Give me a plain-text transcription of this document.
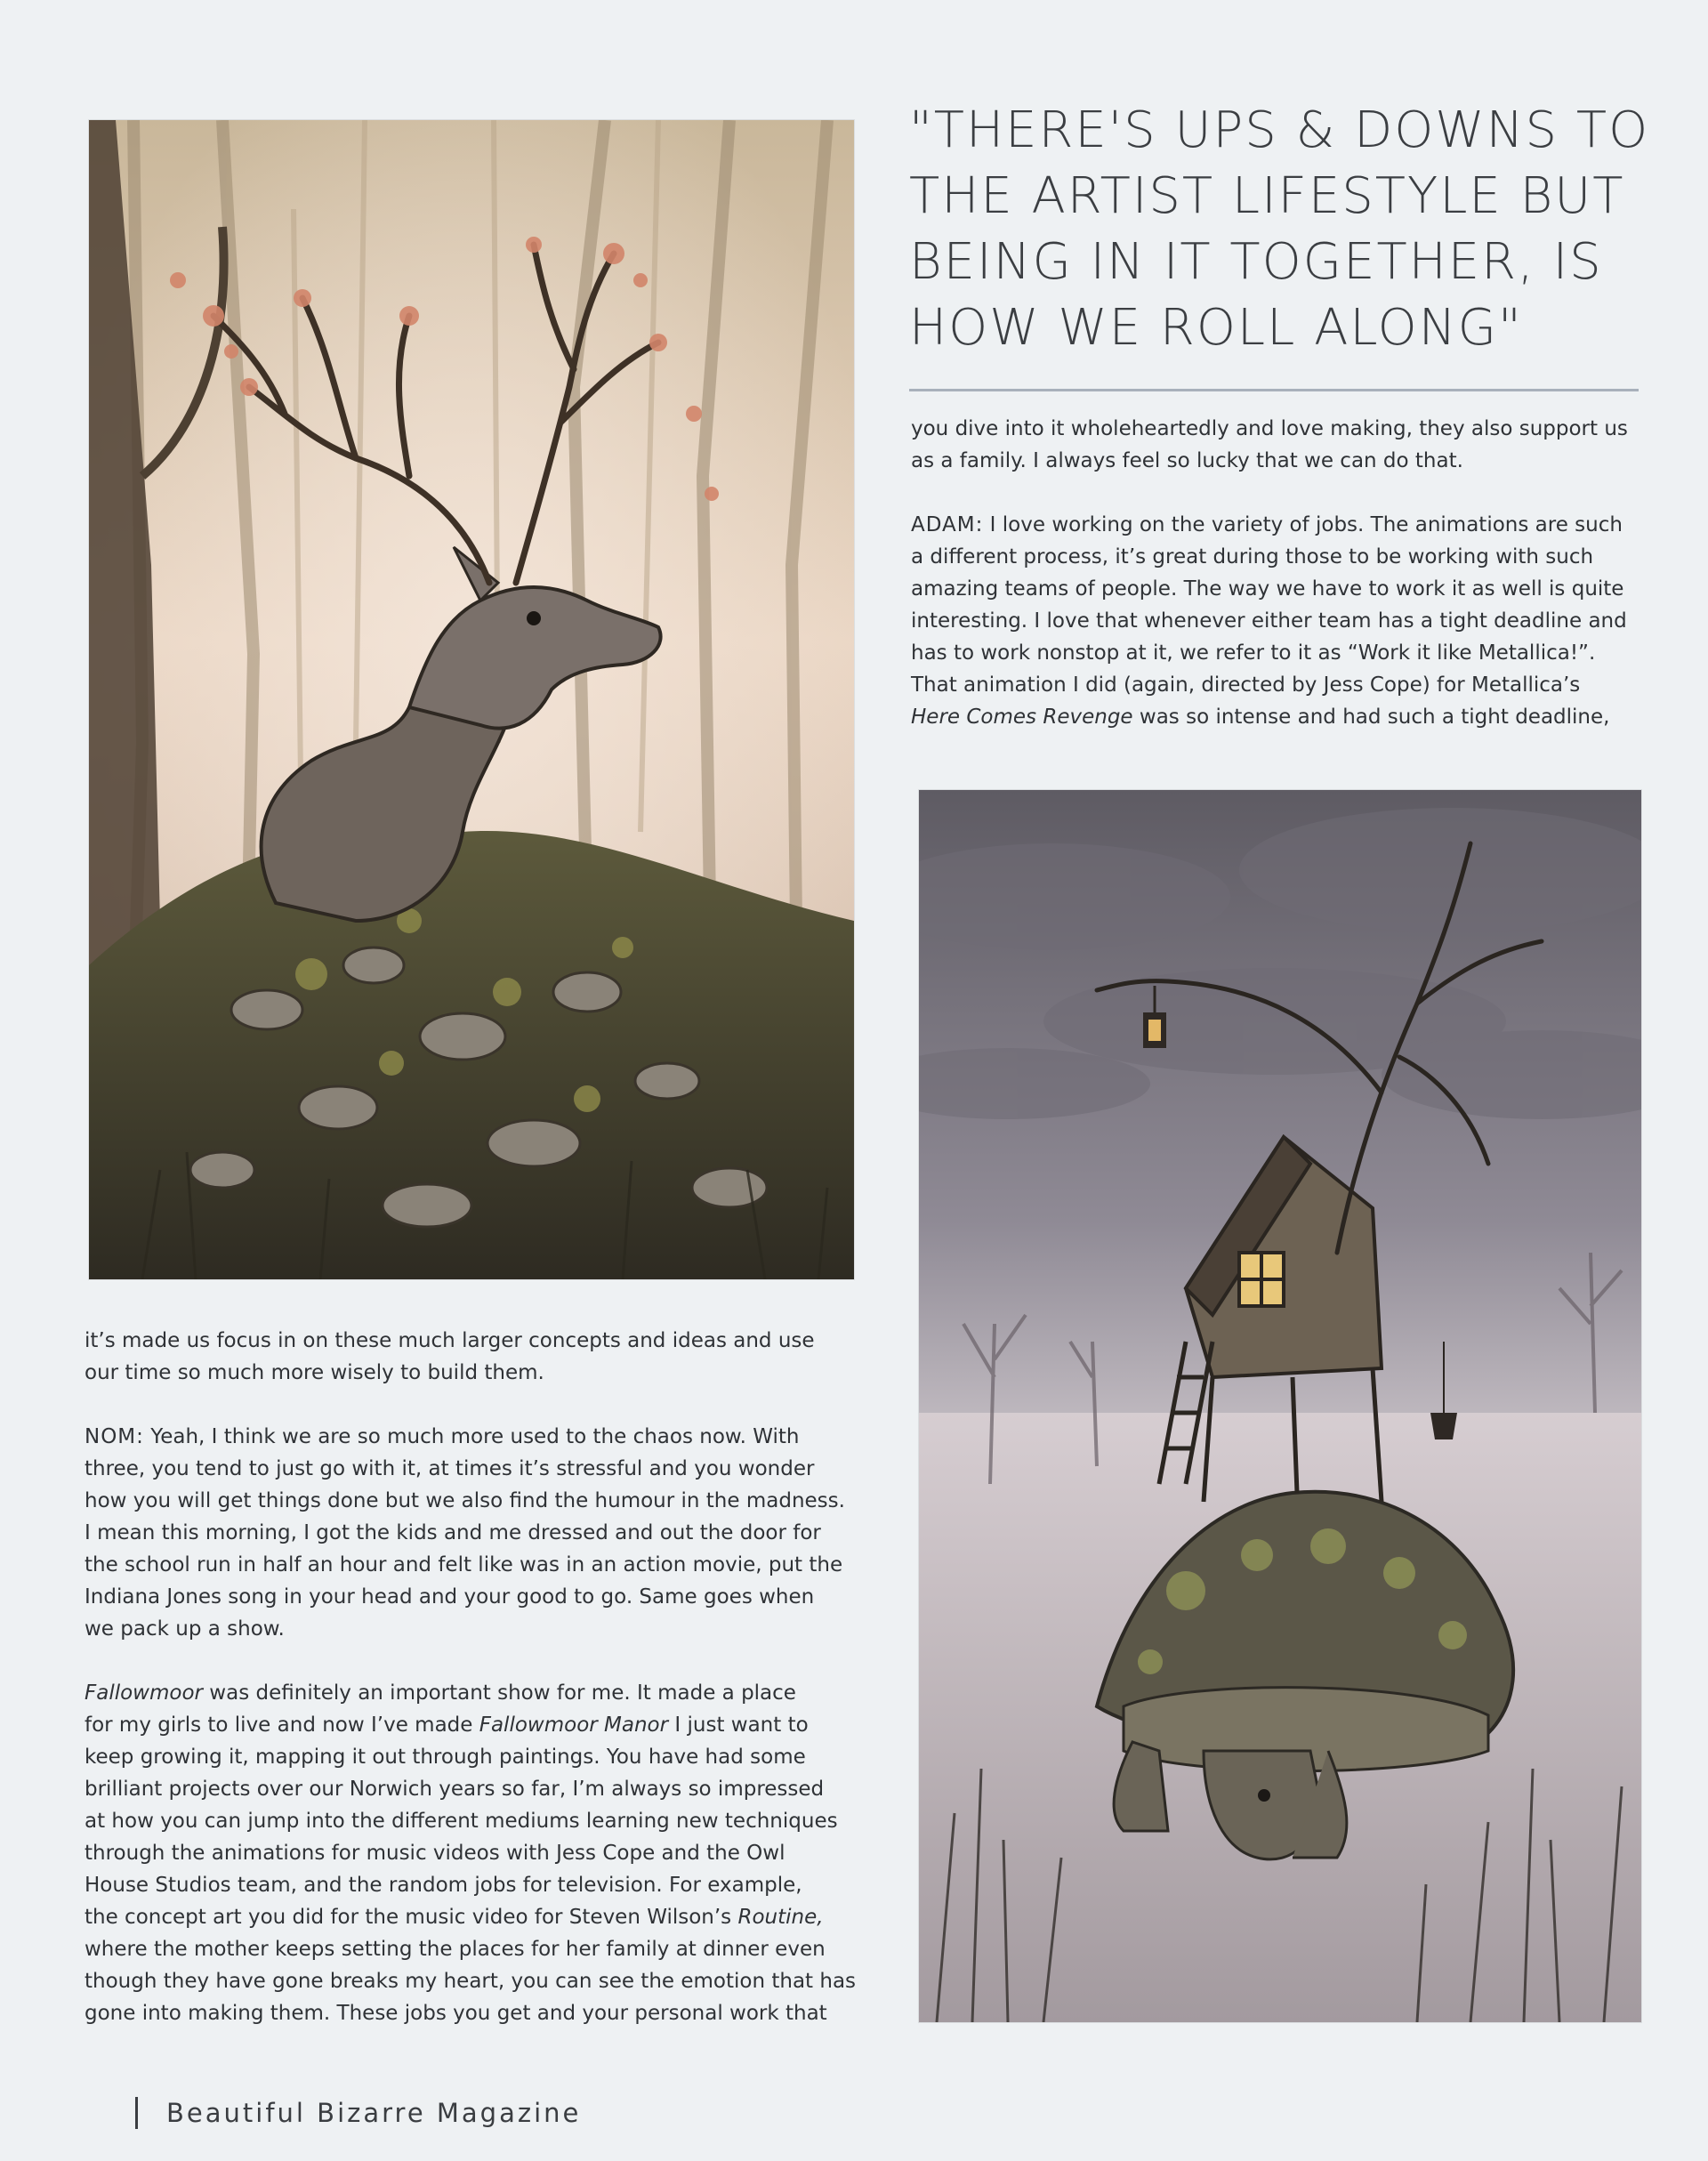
"THERE'S UPS & DOWNS TO
THE ARTIST LIFESTYLE BUT
BEING IN IT TOGETHER, IS
HOW WE ROLL ALONG"

you dive into it wholeheartedly and love making, they also support us
as a family. I always feel so lucky that we can do that.

ADAM: I love working on the variety of jobs. The animations are such
a different process, it’s great during those to be working with such
amazing teams of people. The way we have to work it as well is quite
interesting. I love that whenever either team has a tight deadline and
has to work nonstop at it, we refer to it as “Work it like Metallica!”.
That animation I did (again, directed by Jess Cope) for Metallica’s
Here Comes Revenge was so intense and had such a tight deadline,

it’s made us focus in on these much larger concepts and ideas and use
our time so much more wisely to build them.

NOM: Yeah, I think we are so much more used to the chaos now. With
three, you tend to just go with it, at times it’s stressful and you wonder
how you will get things done but we also find the humour in the madness.
I mean this morning, I got the kids and me dressed and out the door for
the school run in half an hour and felt like was in an action movie, put the
Indiana Jones song in your head and your good to go. Same goes when
we pack up a show.

Fallowmoor was definitely an important show for me. It made a place
for my girls to live and now I’ve made Fallowmoor Manor I just want to
keep growing it, mapping it out through paintings. You have had some
brilliant projects over our Norwich years so far, I’m always so impressed
at how you can jump into the different mediums learning new techniques
through the animations for music videos with Jess Cope and the Owl
House Studios team, and the random jobs for television. For example,
the concept art you did for the music video for Steven Wilson’s Routine,
where the mother keeps setting the places for her family at dinner even
though they have gone breaks my heart, you can see the emotion that has
gone into making them. These jobs you get and your personal work that

Beautiful Bizarre Magazine
